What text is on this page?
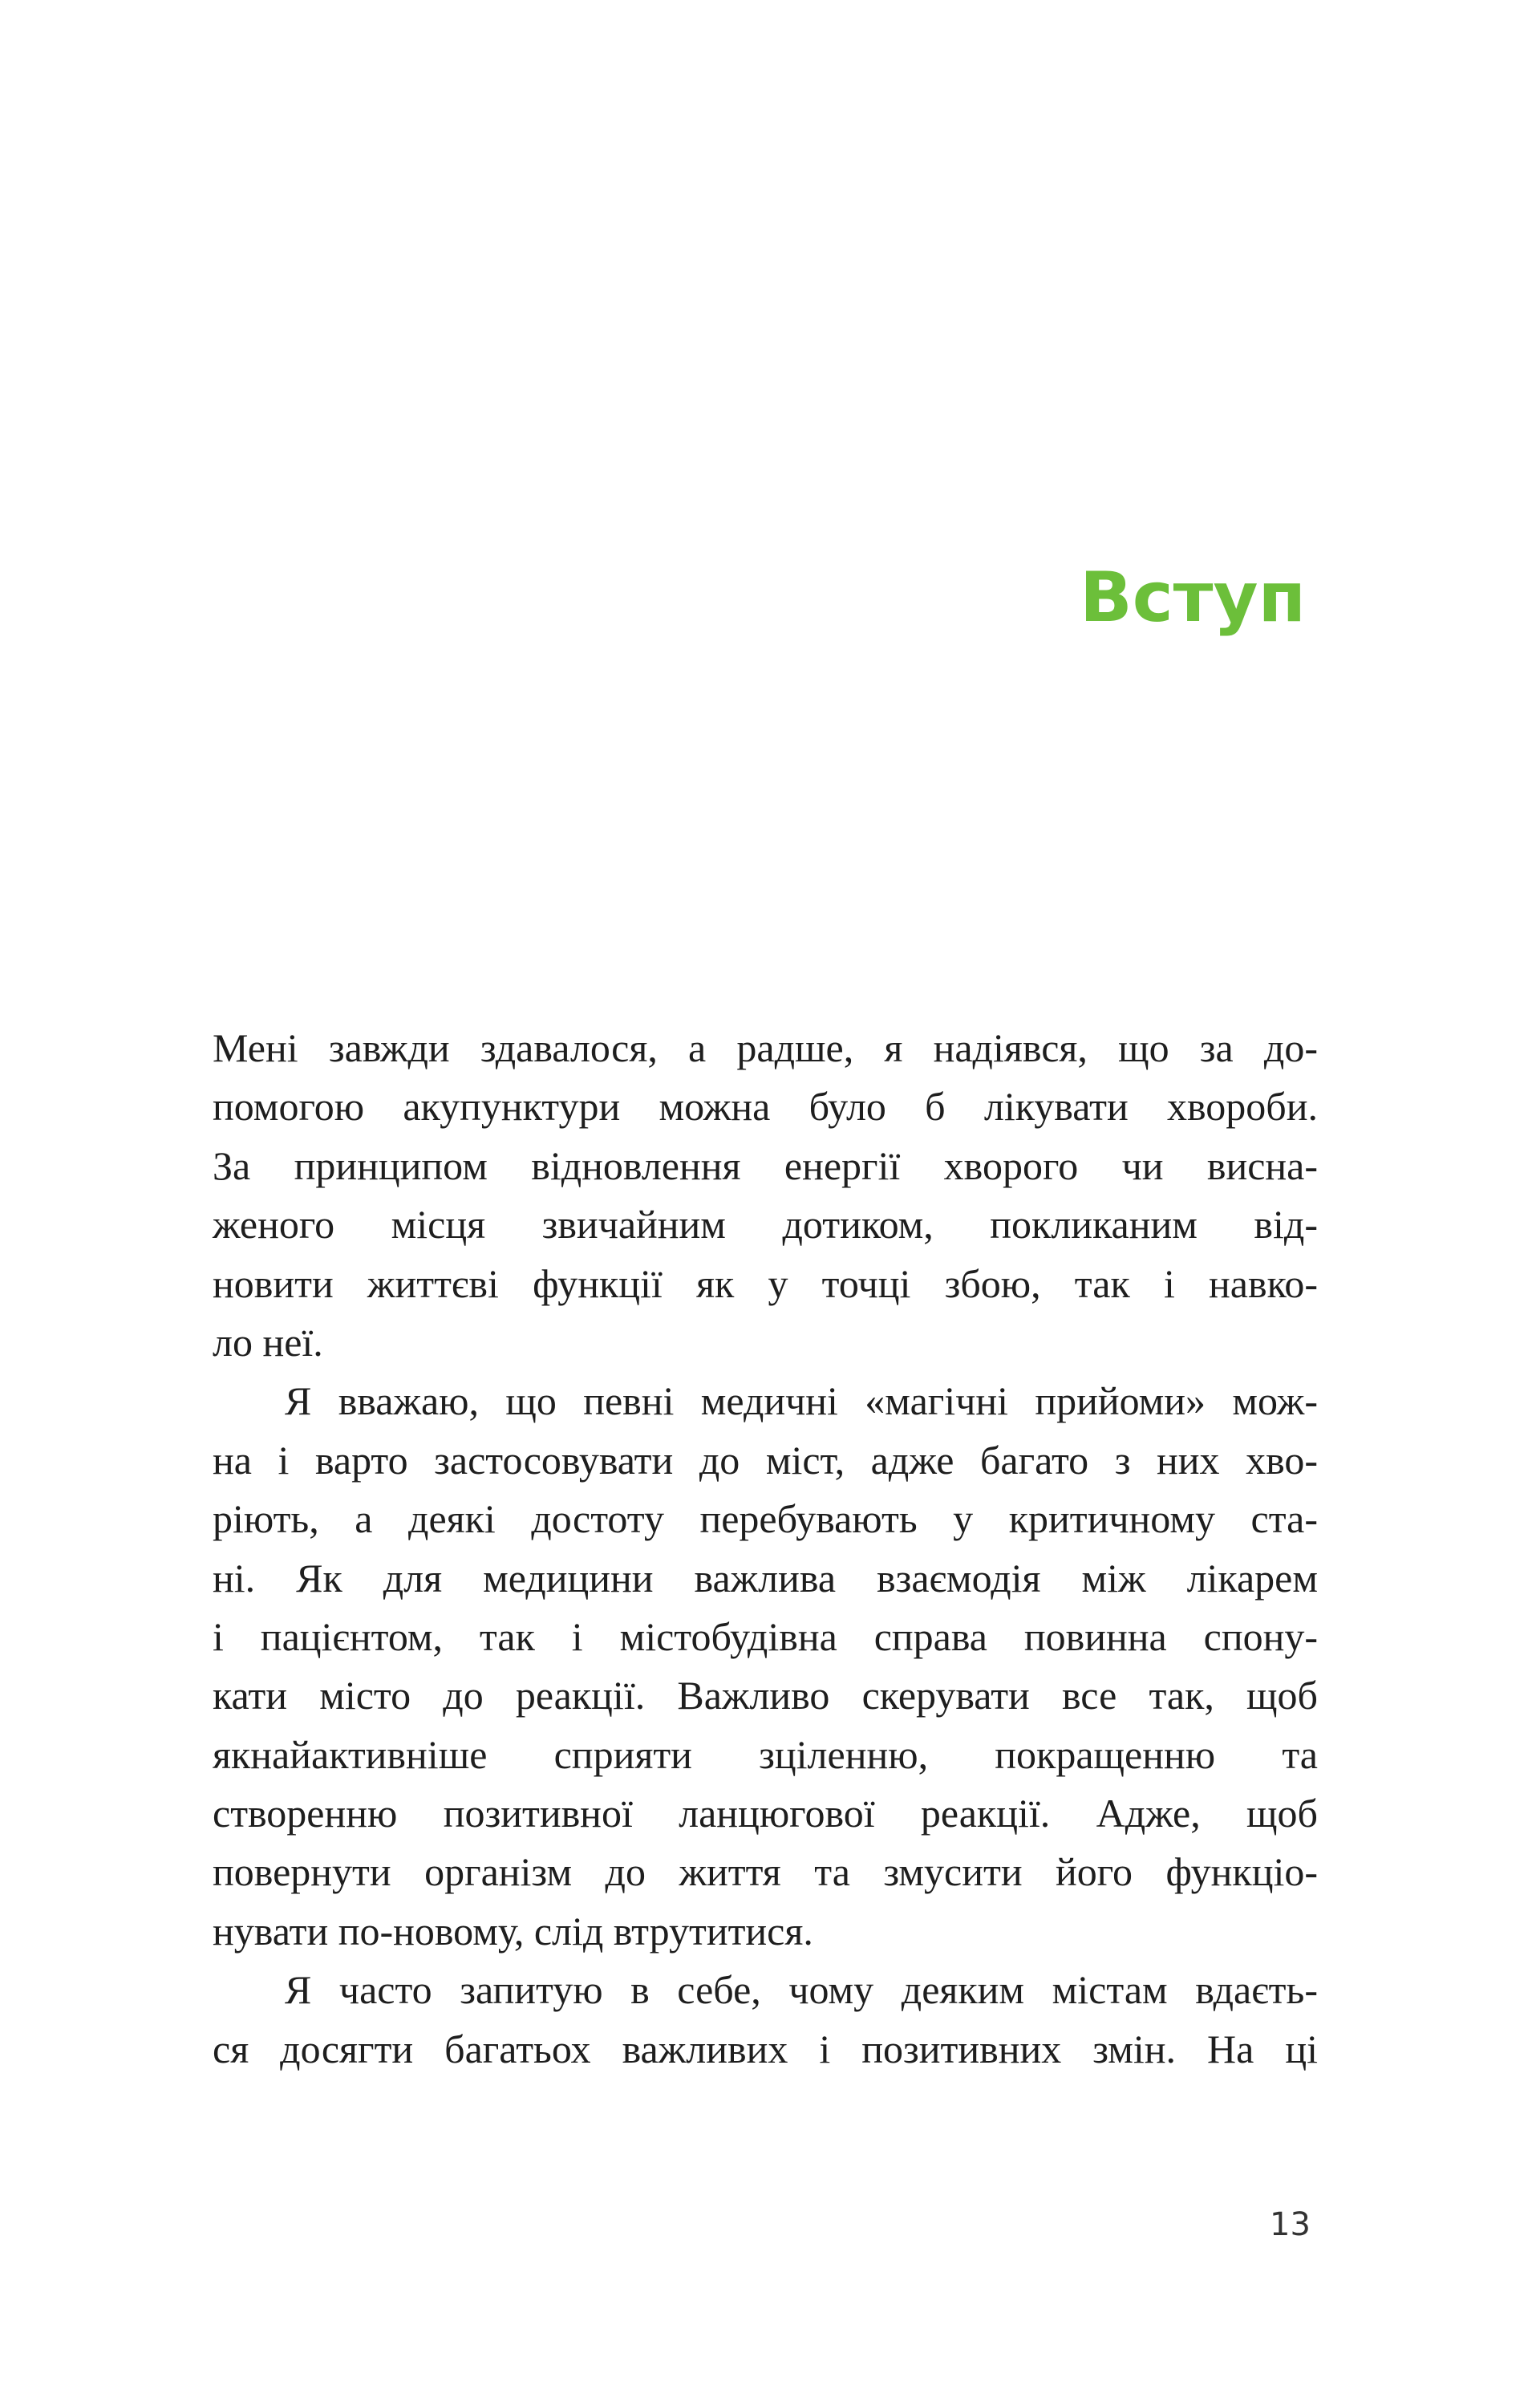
Вступ
Мені завжди здавалося, а радше, я надіявся, що за до-
помогою акупунктури можна було б лікувати хвороби.
За принципом відновлення енергії хворого чи висна-
женого місця звичайним дотиком, покликаним від-
новити життєві функції як у точці збою, так і навко-
ло неї.
Я вважаю, що певні медичні «магічні прийоми» мож-
на і варто застосовувати до міст, адже багато з них хво-
ріють, а деякі достоту перебувають у критичному ста-
ні. Як для медицини важлива взаємодія між лікарем
і пацієнтом, так і містобудівна справа повинна спону-
кати місто до реакції. Важливо скерувати все так, щоб
якнайактивніше сприяти зціленню, покращенню та
створенню позитивної ланцюгової реакції. Адже, щоб
повернути організм до життя та змусити його функціо-
нувати по-новому, слід втрутитися.
Я часто запитую в себе, чому деяким містам вдаєть-
ся досягти багатьох важливих і позитивних змін. На ці
13
